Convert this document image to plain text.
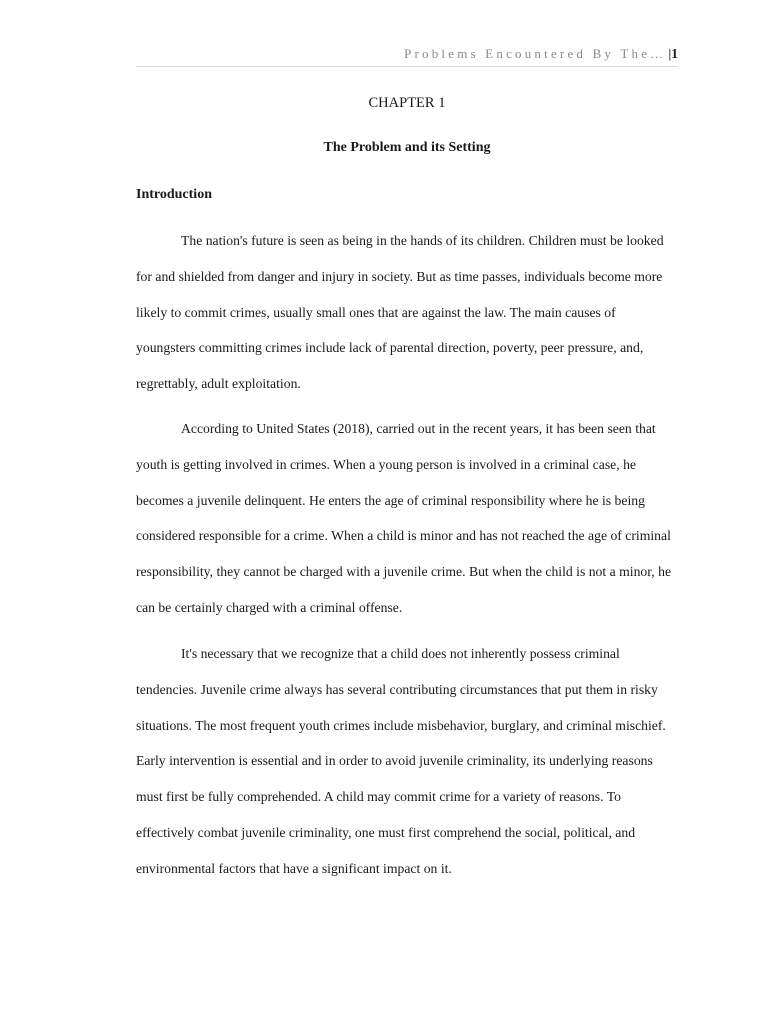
Problems Encountered By The… |1
CHAPTER 1
The Problem and its Setting
Introduction

The nation's future is seen as being in the hands of its children. Children must be looked for and shielded from danger and injury in society. But as time passes, individuals become more likely to commit crimes, usually small ones that are against the law. The main causes of youngsters committing crimes include lack of parental direction, poverty, peer pressure, and, regrettably, adult exploitation.

According to United States (2018), carried out in the recent years, it has been seen that youth is getting involved in crimes. When a young person is involved in a criminal case, he becomes a juvenile delinquent. He enters the age of criminal responsibility where he is being considered responsible for a crime. When a child is minor and has not reached the age of criminal responsibility, they cannot be charged with a juvenile crime. But when the child is not a minor, he can be certainly charged with a criminal offense.

It's necessary that we recognize that a child does not inherently possess criminal tendencies. Juvenile crime always has several contributing circumstances that put them in risky situations. The most frequent youth crimes include misbehavior, burglary, and criminal mischief. Early intervention is essential and in order to avoid juvenile criminality, its underlying reasons must first be fully comprehended. A child may commit crime for a variety of reasons. To effectively combat juvenile criminality, one must first comprehend the social, political, and environmental factors that have a significant impact on it.
